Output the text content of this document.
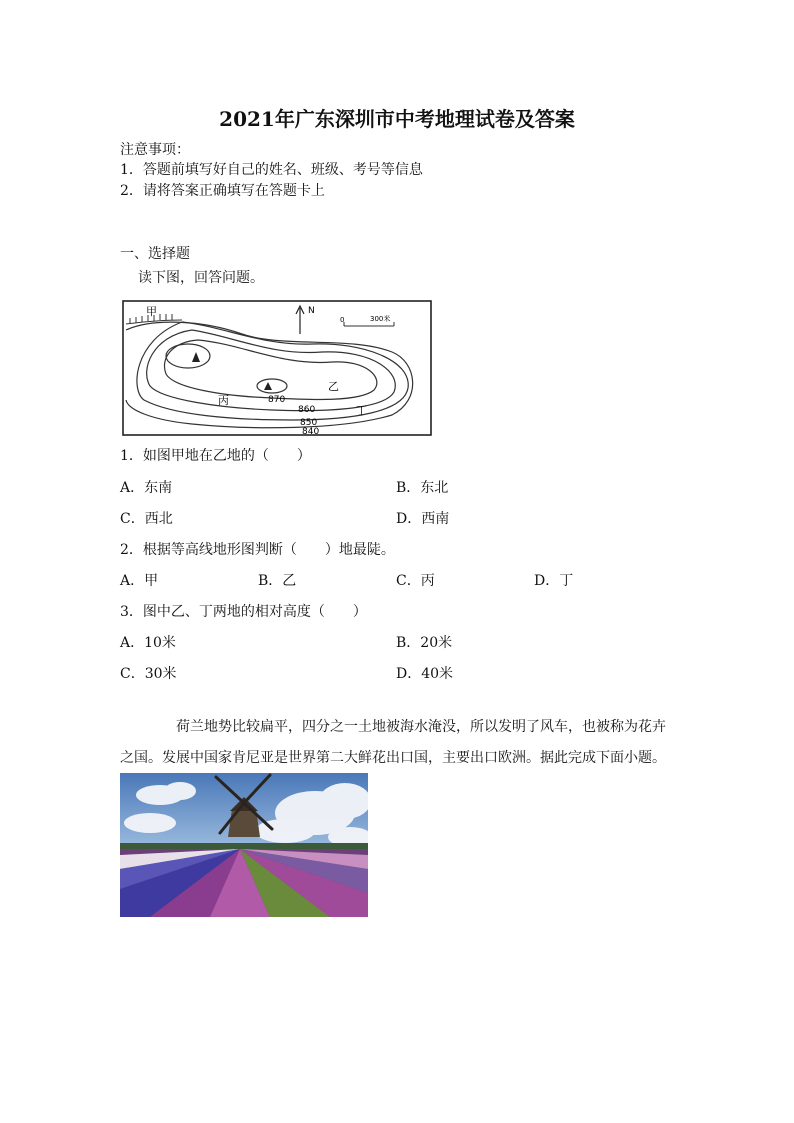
2021年广东深圳市中考地理试卷及答案
注意事项：
1．答题前填写好自己的姓名、班级、考号等信息
2．请将答案正确填写在答题卡上
一、选择题
读下图，回答问题。
甲
乙
丙
丁
N
0	300米
870
860
850
840
1．如图甲地在乙地的（　　）
A．东南	B．东北
C．西北	D．西南
2．根据等高线地形图判断（　　）地最陡。
A．甲	B．乙	C．丙	D．丁
3．图中乙、丁两地的相对高度（　　）
A．10米	B．20米
C．30米	D．40米
荷兰地势比较扁平，四分之一土地被海水淹没，所以发明了风车，也被称为花卉
之国。发展中国家肯尼亚是世界第二大鲜花出口国，主要出口欧洲。据此完成下面小题。
